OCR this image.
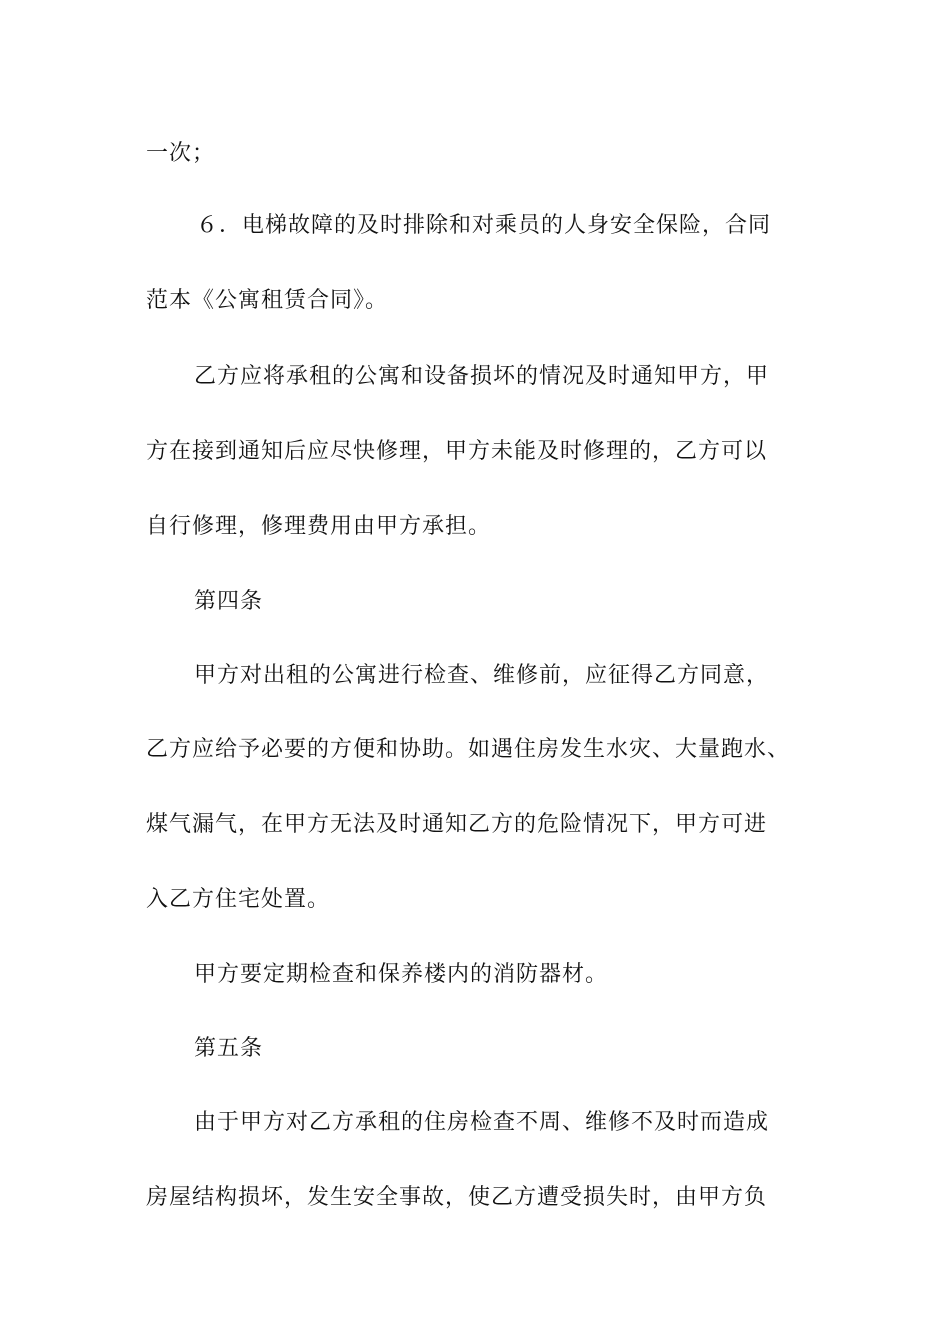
一次；
６．电梯故障的及时排除和对乘员的人身安全保险，合同
范本《公寓租赁合同》。
乙方应将承租的公寓和设备损坏的情况及时通知甲方，甲
方在接到通知后应尽快修理，甲方未能及时修理的，乙方可以
自行修理，修理费用由甲方承担。
第四条
甲方对出租的公寓进行检查、维修前，应征得乙方同意，
乙方应给予必要的方便和协助。如遇住房发生水灾、大量跑水、
煤气漏气，在甲方无法及时通知乙方的危险情况下，甲方可进
入乙方住宅处置。
甲方要定期检查和保养楼内的消防器材。
第五条
由于甲方对乙方承租的住房检查不周、维修不及时而造成
房屋结构损坏，发生安全事故，使乙方遭受损失时，由甲方负
